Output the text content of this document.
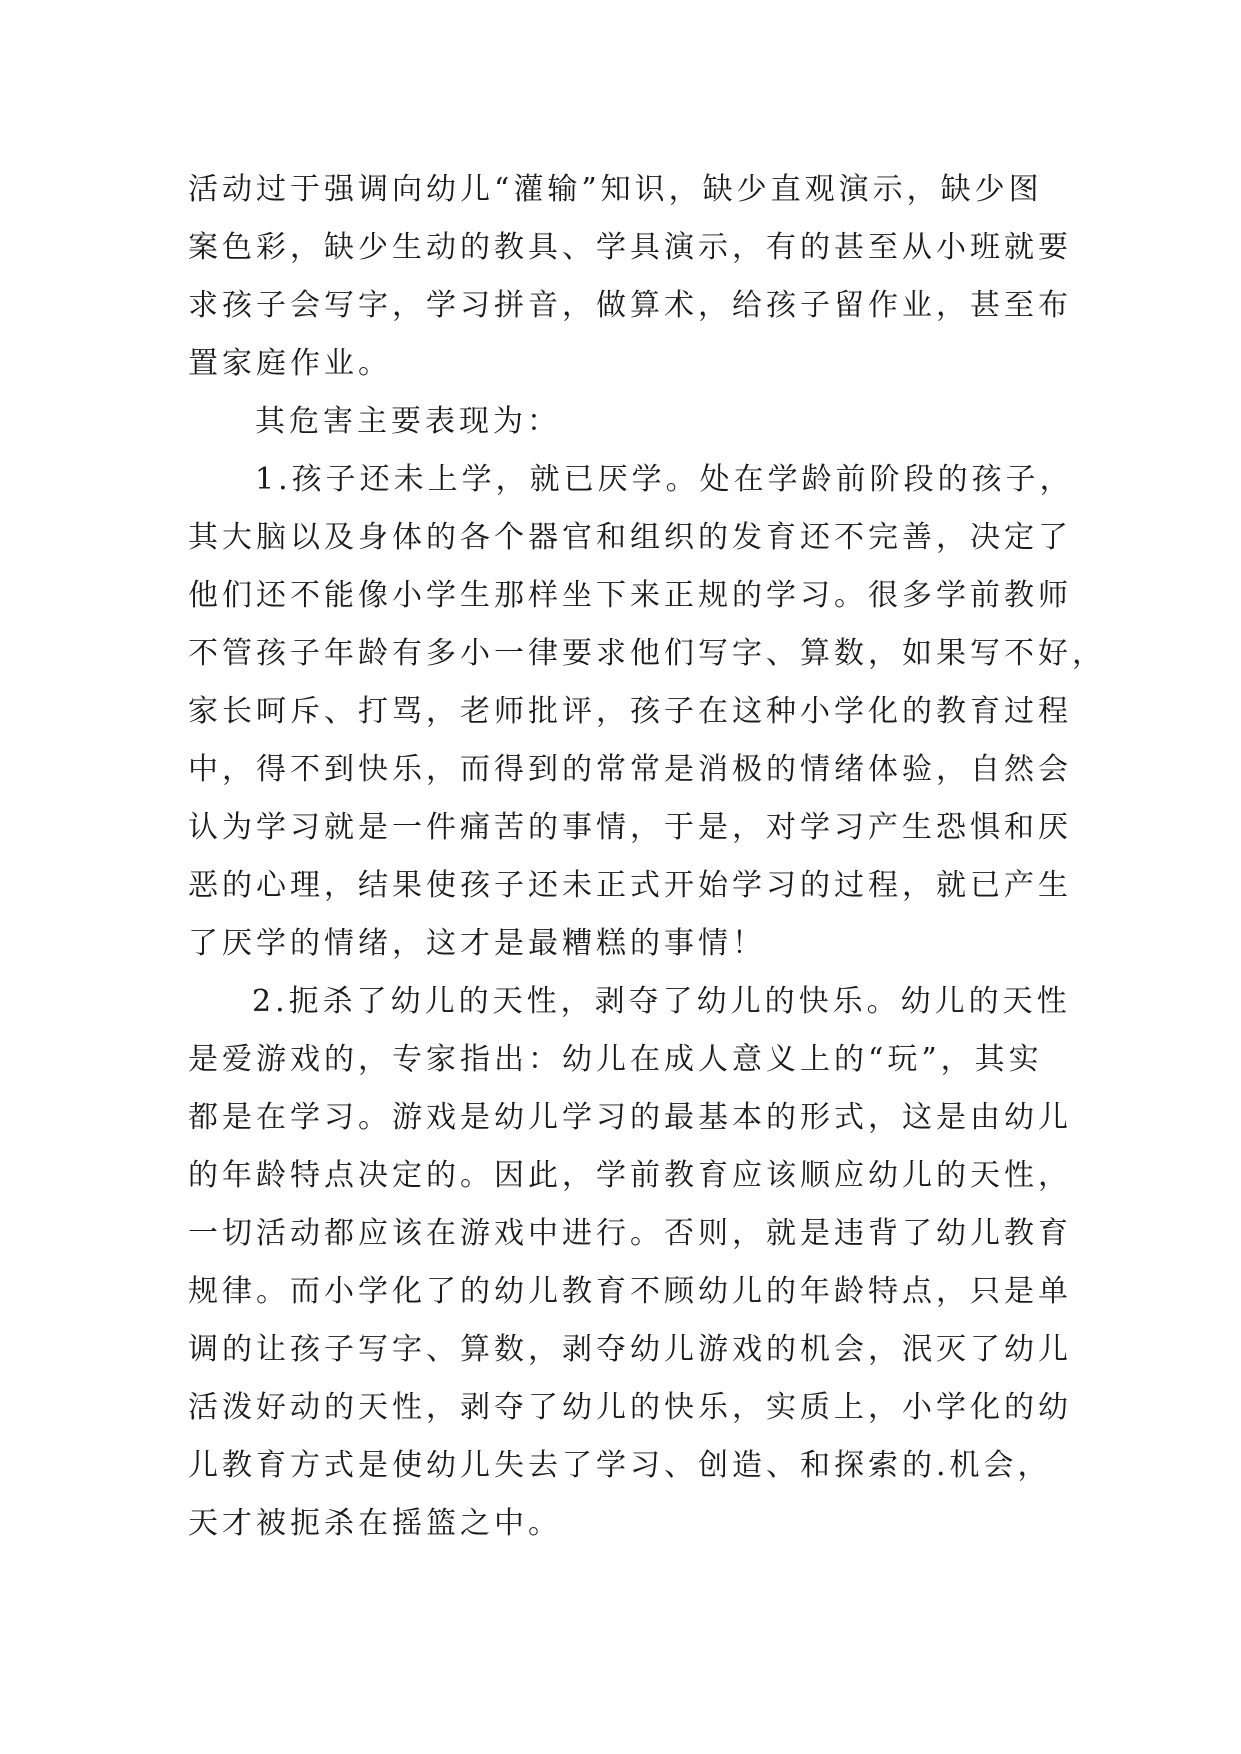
活动过于强调向幼儿“灌输”知识，缺少直观演示，缺少图
案色彩，缺少生动的教具、学具演示，有的甚至从小班就要
求孩子会写字，学习拼音，做算术，给孩子留作业，甚至布
置家庭作业。
其危害主要表现为：
1.孩子还未上学，就已厌学。处在学龄前阶段的孩子，
其大脑以及身体的各个器官和组织的发育还不完善，决定了
他们还不能像小学生那样坐下来正规的学习。很多学前教师
不管孩子年龄有多小一律要求他们写字、算数，如果写不好，
家长呵斥、打骂，老师批评，孩子在这种小学化的教育过程
中，得不到快乐，而得到的常常是消极的情绪体验，自然会
认为学习就是一件痛苦的事情，于是，对学习产生恐惧和厌
恶的心理，结果使孩子还未正式开始学习的过程，就已产生
了厌学的情绪，这才是最糟糕的事情！
2.扼杀了幼儿的天性，剥夺了幼儿的快乐。幼儿的天性
是爱游戏的，专家指出：幼儿在成人意义上的“玩”，其实
都是在学习。游戏是幼儿学习的最基本的形式，这是由幼儿
的年龄特点决定的。因此，学前教育应该顺应幼儿的天性，
一切活动都应该在游戏中进行。否则，就是违背了幼儿教育
规律。而小学化了的幼儿教育不顾幼儿的年龄特点，只是单
调的让孩子写字、算数，剥夺幼儿游戏的机会，泯灭了幼儿
活泼好动的天性，剥夺了幼儿的快乐，实质上，小学化的幼
儿教育方式是使幼儿失去了学习、创造、和探索的.机会，
天才被扼杀在摇篮之中。
